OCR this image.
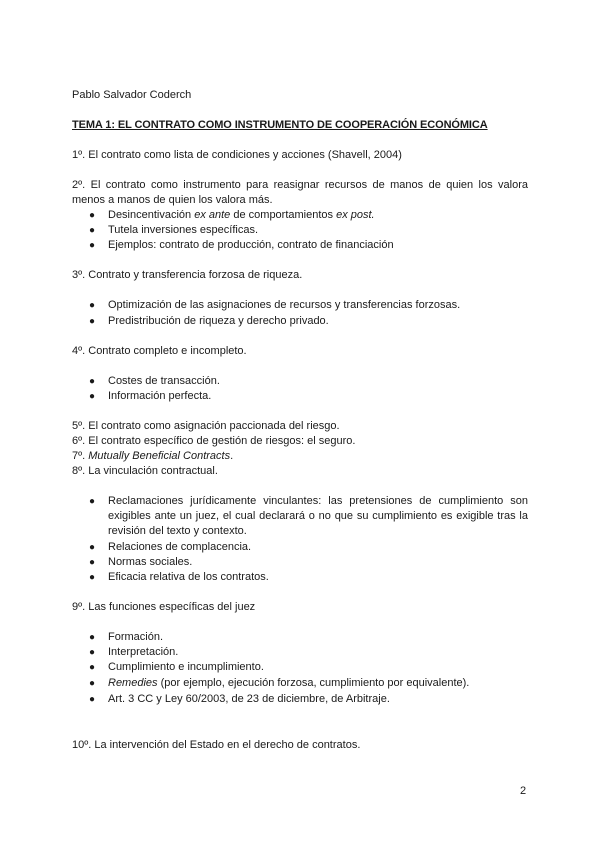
Pablo Salvador Coderch
TEMA 1: EL CONTRATO COMO INSTRUMENTO DE COOPERACIÓN ECONÓMICA
1º. El contrato como lista de condiciones y acciones (Shavell, 2004)
2º. El contrato como instrumento para reasignar recursos de manos de quien los valora menos a manos de quien los valora más.
● Desincentivación ex ante de comportamientos ex post.
● Tutela inversiones específicas.
● Ejemplos: contrato de producción, contrato de financiación
3º. Contrato y transferencia forzosa de riqueza.
● Optimización de las asignaciones de recursos y transferencias forzosas.
● Predistribución de riqueza y derecho privado.
4º. Contrato completo e incompleto.
● Costes de transacción.
● Información perfecta.
5º. El contrato como asignación paccionada del riesgo.
6º. El contrato específico de gestión de riesgos: el seguro.
7º. Mutually Beneficial Contracts.
8º. La vinculación contractual.
● Reclamaciones jurídicamente vinculantes: las pretensiones de cumplimiento son exigibles ante un juez, el cual declarará o no que su cumplimiento es exigible tras la revisión del texto y contexto.
● Relaciones de complacencia.
● Normas sociales.
● Eficacia relativa de los contratos.
9º. Las funciones específicas del juez
● Formación.
● Interpretación.
● Cumplimiento e incumplimiento.
● Remedies (por ejemplo, ejecución forzosa, cumplimiento por equivalente).
● Art. 3 CC y Ley 60/2003, de 23 de diciembre, de Arbitraje.
10º. La intervención del Estado en el derecho de contratos.
2
